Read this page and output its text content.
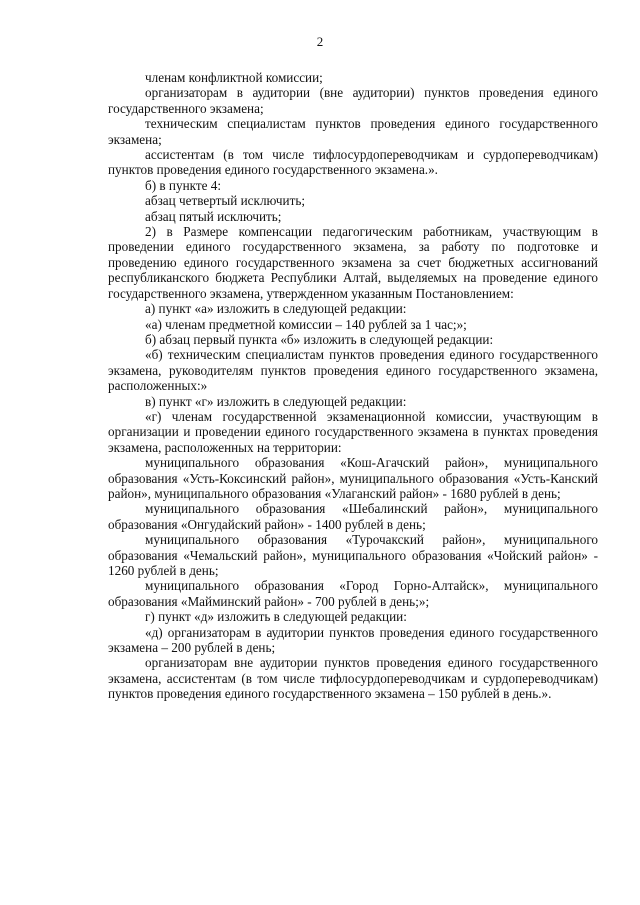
2

членам конфликтной комиссии;

организаторам в аудитории (вне аудитории) пунктов проведения единого государственного экзамена;

техническим специалистам пунктов проведения единого государственного экзамена;

ассистентам (в том числе тифлосурдопереводчикам и сурдопереводчикам) пунктов проведения единого государственного экзамена.».

б) в пункте 4:

абзац четвертый исключить;

абзац пятый исключить;

2) в Размере компенсации педагогическим работникам, участвующим в проведении единого государственного экзамена, за работу по подготовке и проведению единого государственного экзамена за счет бюджетных ассигнований республиканского бюджета Республики Алтай, выделяемых на проведение единого государственного экзамена, утвержденном указанным Постановлением:

а) пункт «а» изложить в следующей редакции:

«а) членам предметной комиссии – 140 рублей за 1 час;»;

б) абзац первый пункта «б» изложить в следующей редакции:

«б) техническим специалистам пунктов проведения единого государственного экзамена, руководителям пунктов проведения единого государственного экзамена, расположенных:»

в) пункт «г» изложить в следующей редакции:

«г) членам государственной экзаменационной комиссии, участвующим в организации и проведении единого государственного экзамена в пунктах проведения экзамена, расположенных на территории:

муниципального образования «Кош-Агачский район», муниципального образования «Усть-Коксинский район», муниципального образования «Усть-Канский район», муниципального образования «Улаганский район» - 1680 рублей в день;

муниципального образования «Шебалинский район», муниципального образования «Онгудайский район» - 1400 рублей в день;

муниципального образования «Турочакский район», муниципального образования «Чемальский район», муниципального образования «Чойский район» - 1260 рублей в день;

муниципального образования «Город Горно-Алтайск», муниципального образования «Майминский район» - 700 рублей в день;»;

г) пункт «д» изложить в следующей редакции:

«д) организаторам в аудитории пунктов проведения единого государственного экзамена – 200 рублей в день;

организаторам вне аудитории пунктов проведения единого государственного экзамена, ассистентам (в том числе тифлосурдопереводчикам и сурдопереводчикам) пунктов проведения единого государственного экзамена – 150 рублей в день.».
